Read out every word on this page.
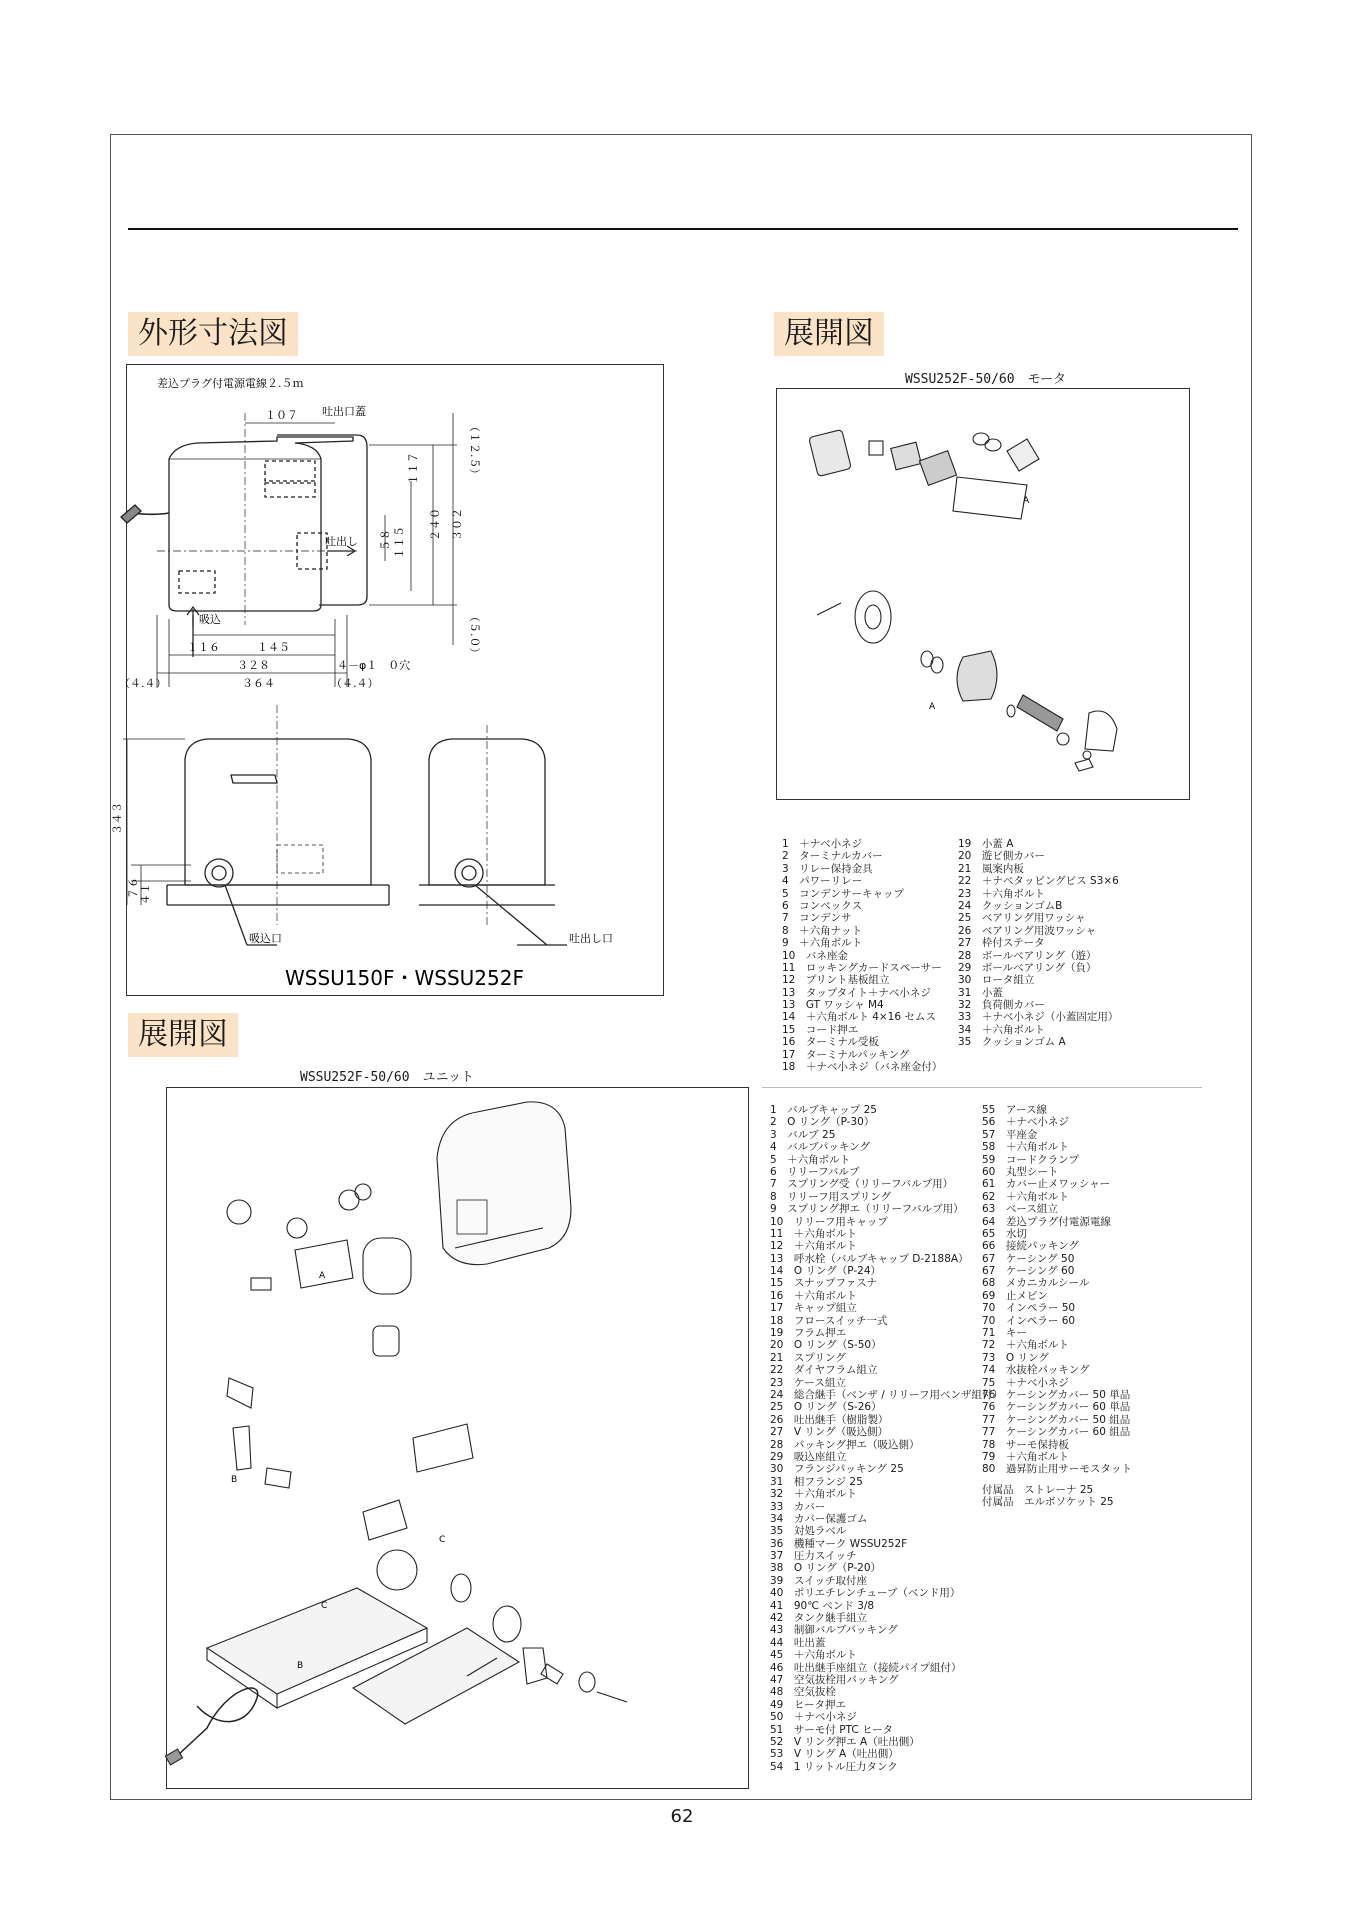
外形寸法図	展開図
展開図
差込プラグ付電源電線２.５ｍ
吐出口蓋
１０７
吐出し
吸込
１１６	１４５
３２８
３６４
（４.４）	（４.４）
４－φ１　０穴
（１２.５）
１１７
５８ １１５
２４０ ３０２
（５.０）
３４３
７６ ４１
吸込口	吐出し口
WSSU150F・WSSU252F
WSSU252F-50/60　モータ
A
A
1　＋ナベ小ネジ
2　ターミナルカバー
3　リレー保持金具
4　パワーリレー
5　コンデンサーキャップ
6　コンベックス
7　コンデンサ
8　＋六角ナット
9　＋六角ボルト
10　バネ座金
11　ロッキングカードスペーサー
12　プリント基板組立
13　タップタイト＋ナベ小ネジ
13　GT ワッシャ M4
14　＋六角ボルト 4×16 セムス
15　コード押エ
16　ターミナル受板
17　ターミナルパッキング
18　＋ナベ小ネジ（バネ座金付）
19　小蓋 A
20　遊ビ側カバー
21　風案内板
22　＋ナベタッピングビス S3×6
23　＋六角ボルト
24　クッションゴムB
25　ベアリング用ワッシャ
26　ベアリング用波ワッシャ
27　枠付ステータ
28　ボールベアリング（遊）
29　ボールベアリング（負）
30　ロータ組立
31　小蓋
32　負荷側カバー
33　＋ナベ小ネジ（小蓋固定用）
34　＋六角ボルト
35　クッションゴム A
WSSU252F-50/60　ユニット
A
B
B
C
C
1　バルブキャップ 25
2　O リング（P-30）
3　バルブ 25
4　バルブパッキング
5　＋六角ボルト
6　リリーフバルブ
7　スプリング受（リリーフバルブ用）
8　リリーフ用スプリング
9　スプリング押エ（リリーフバルブ用）
10　リリーフ用キャップ
11　＋六角ボルト
12　＋六角ボルト
13　呼水栓（バルブキャップ D-2188A）
14　O リング（P-24）
15　スナップファスナ
16　＋六角ボルト
17　キャップ組立
18　フロースイッチ一式
19　フラム押エ
20　O リング（S-50）
21　スプリング
22　ダイヤフラム組立
23　ケース組立
24　総合継手（ベンザ / リリーフ用ベンザ組付）
25　O リング（S-26）
26　吐出継手（樹脂製）
27　V リング（吸込側）
28　パッキング押エ（吸込側）
29　吸込座組立
30　フランジパッキング 25
31　相フランジ 25
32　＋六角ボルト
33　カバー
34　カバー保護ゴム
35　対処ラベル
36　機種マーク WSSU252F
37　圧力スイッチ
38　O リング（P-20）
39　スイッチ取付座
40　ポリエチレンチューブ（ベンド用）
41　90℃ ベンド 3/8
42　タンク継手組立
43　制御バルブパッキング
44　吐出蓋
45　＋六角ボルト
46　吐出継手座組立（接続パイプ組付）
47　空気抜栓用パッキング
48　空気抜栓
49　ヒータ押エ
50　＋ナベ小ネジ
51　サーモ付 PTC ヒータ
52　V リング押エ A（吐出側）
53　V リング A（吐出側）
54　1 リットル圧力タンク
55　アース線
56　＋ナベ小ネジ
57　平座金
58　＋六角ボルト
59　コードクランプ
60　丸型シート
61　カバー止メワッシャー
62　＋六角ボルト
63　ベース組立
64　差込プラグ付電源電線
65　水切
66　接続パッキング
67　ケーシング 50
67　ケーシング 60
68　メカニカルシール
69　止メピン
70　インペラー 50
70　インペラー 60
71　キー
72　＋六角ボルト
73　O リング
74　水抜栓パッキング
75　＋ナベ小ネジ
76　ケーシングカバー 50 単品
76　ケーシングカバー 60 単品
77　ケーシングカバー 50 組品
77　ケーシングカバー 60 組品
78　サーモ保持板
79　＋六角ボルト
80　過昇防止用サーモスタット
付属品　ストレーナ 25
付属品　エルボソケット 25
62
